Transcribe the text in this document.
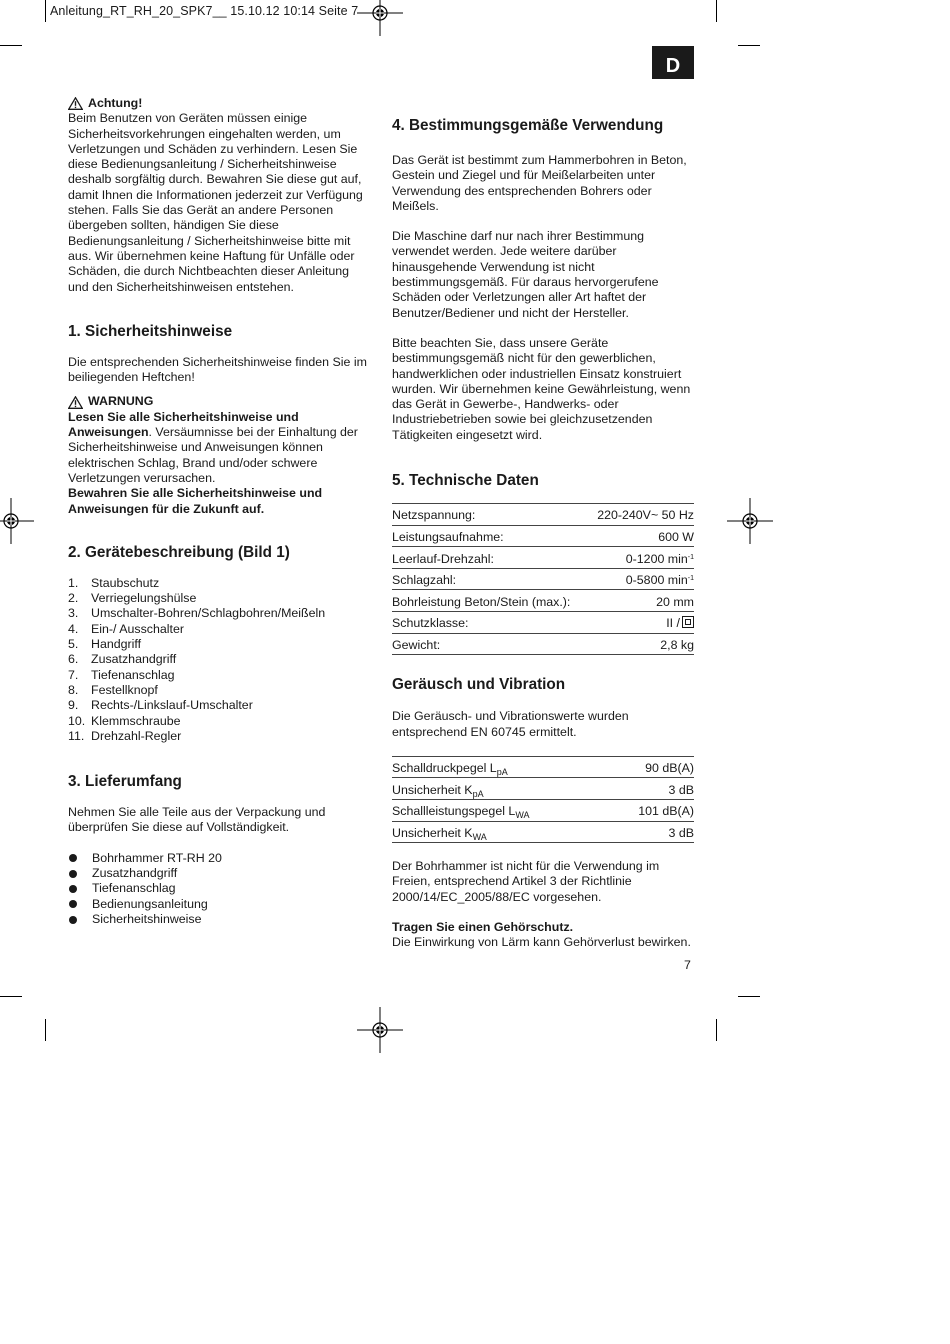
Anleitung_RT_RH_20_SPK7__ 15.10.12 10:14 Seite 7
D
Achtung!

Beim Benutzen von Geräten müssen einige Sicherheitsvorkehrungen eingehalten werden, um Verletzungen und Schäden zu verhindern. Lesen Sie diese Bedienungsanleitung / Sicherheitshinweise deshalb sorgfältig durch. Bewahren Sie diese gut auf, damit Ihnen die Informationen jederzeit zur Verfügung stehen. Falls Sie das Gerät an andere Personen übergeben sollten, händigen Sie diese Bedienungsanleitung / Sicherheitshinweise bitte mit aus. Wir übernehmen keine Haftung für Unfälle oder Schäden, die durch Nichtbeachten dieser Anleitung und den Sicherheitshinweisen entstehen.

1. Sicherheitshinweise

Die entsprechenden Sicherheitshinweise finden Sie im beiliegenden Heftchen!

WARNUNG

Lesen Sie alle Sicherheitshinweise und Anweisungen. Versäumnisse bei der Einhaltung der Sicherheitshinweise und Anweisungen können elektrischen Schlag, Brand und/oder schwere Verletzungen verursachen.

Bewahren Sie alle Sicherheitshinweise und Anweisungen für die Zukunft auf.

2. Gerätebeschreibung (Bild 1)
1.	Staubschutz
2.	Verriegelungshülse
3.	Umschalter-Bohren/Schlagbohren/Meißeln
4.	Ein-/ Ausschalter
5.	Handgriff
6.	Zusatzhandgriff
7.	Tiefenanschlag
8.	Festellknopf
9.	Rechts-/Linkslauf-Umschalter
10. Klemmschraube
11. Drehzahl-Regler
3. Lieferumfang

Nehmen Sie alle Teile aus der Verpackung und überprüfen Sie diese auf Vollständigkeit.

Bohrhammer RT-RH 20
Zusatzhandgriff
Tiefenanschlag
Bedienungsanleitung
Sicherheitshinweise
4. Bestimmungsgemäße Verwendung

Das Gerät ist bestimmt zum Hammerbohren in Beton, Gestein und Ziegel und für Meißelarbeiten unter Verwendung des entsprechenden Bohrers oder Meißels.

Die Maschine darf nur nach ihrer Bestimmung verwendet werden. Jede weitere darüber hinausgehende Verwendung ist nicht bestimmungsgemäß. Für daraus hervorgerufene Schäden oder Verletzungen aller Art haftet der Benutzer/Bediener und nicht der Hersteller.

Bitte beachten Sie, dass unsere Geräte bestimmungsgemäß nicht für den gewerblichen, handwerklichen oder industriellen Einsatz konstruiert wurden. Wir übernehmen keine Gewährleistung, wenn das Gerät in Gewerbe-, Handwerks- oder Industriebetrieben sowie bei gleichzusetzenden Tätigkeiten eingesetzt wird.

5. Technische Daten
Netzspannung:	220-240V~ 50 Hz
Leistungsaufnahme:	600 W
Leerlauf-Drehzahl:	0-1200 $\min^{-1}$
Schlagzahl:	0-5800 $\min^{-1}$
Bohrleistung Beton/Stein (max.):	20 mm
Schutzklasse:	II /
Gewicht:	2,8 kg
Geräusch und Vibration

Die Geräusch- und Vibrationswerte wurden entsprechend EN 60745 ermittelt.

Schalldruckpegel $L_{pA}$	90 dB(A)
Unsicherheit $K_{pA}$	3 dB
Schallleistungspegel $L_{WA}$	101 dB(A)
Unsicherheit $K_{WA}$	3 dB

Der Bohrhammer ist nicht für die Verwendung im Freien, entsprechend Artikel 3 der Richtlinie 2000/14/EC_2005/88/EC vorgesehen.

Tragen Sie einen Gehörschutz.

Die Einwirkung von Lärm kann Gehörverlust bewirken.

7
